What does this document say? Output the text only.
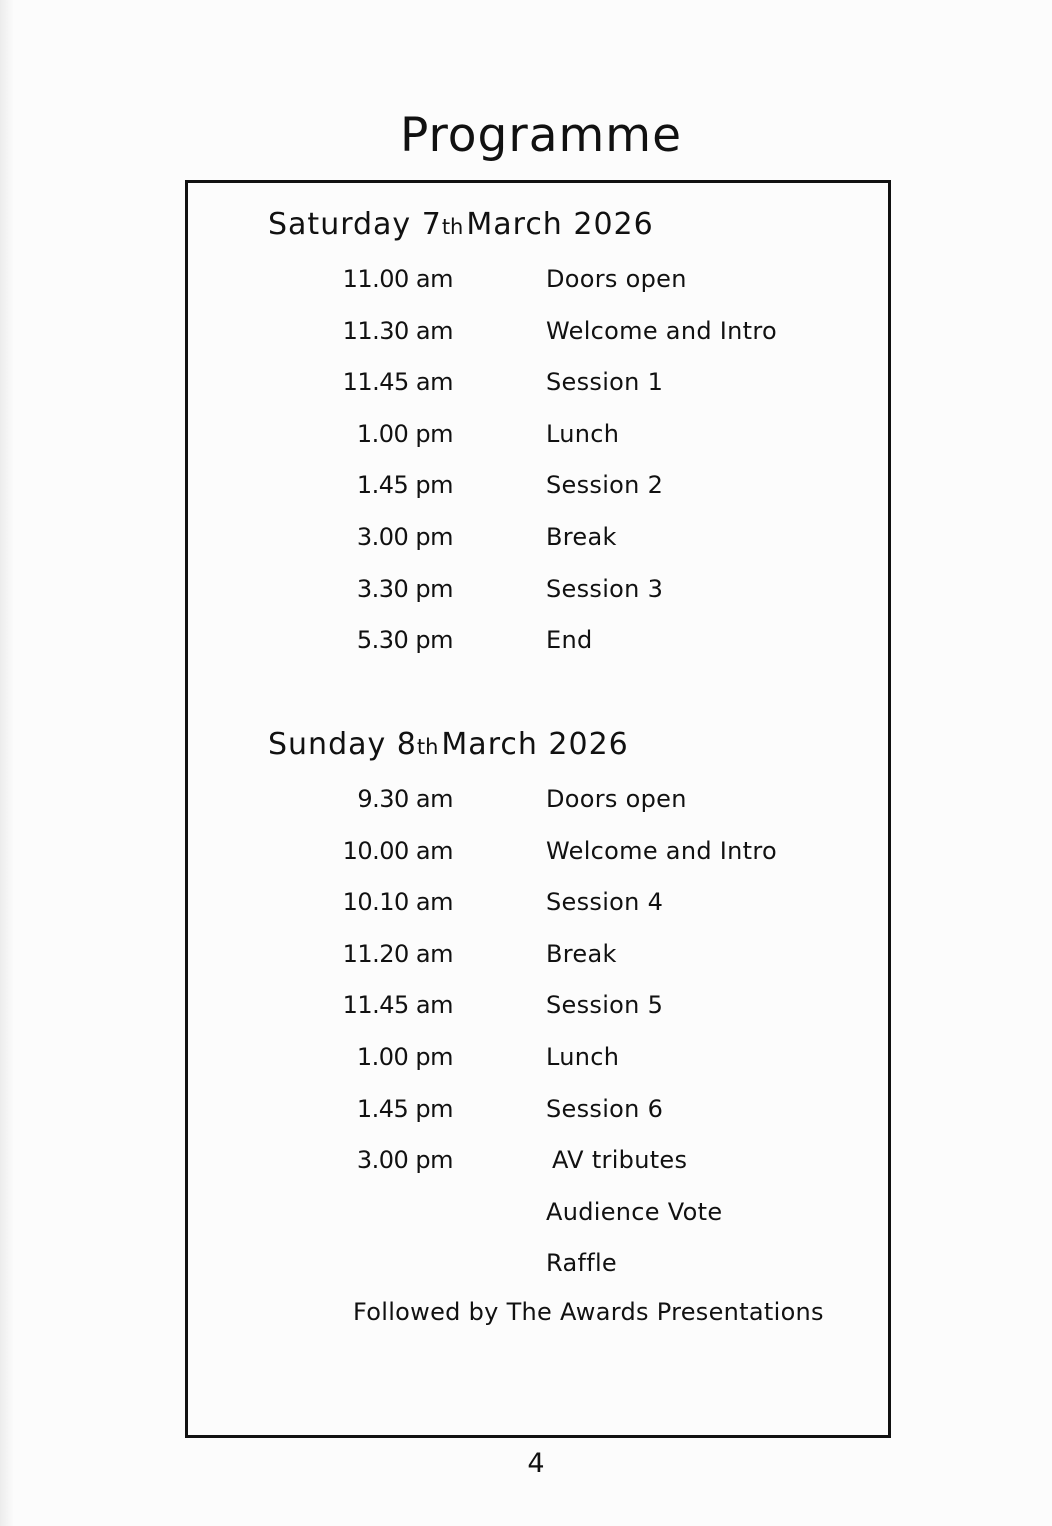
Programme
Saturday 7th March 2026
11.00 am	Doors open
11.30 am	Welcome and Intro
11.45 am	Session 1
1.00 pm	Lunch
1.45 pm	Session 2
3.00 pm	Break
3.30 pm	Session 3
5.30 pm	End
Sunday 8th March 2026
9.30 am	Doors open
10.00 am	Welcome and Intro
10.10 am	Session 4
11.20 am	Break
11.45 am	Session 5
1.00 pm	Lunch
1.45 pm	Session 6
3.00 pm	AV tributes
Audience Vote
Raffle
Followed by The Awards Presentations
4
